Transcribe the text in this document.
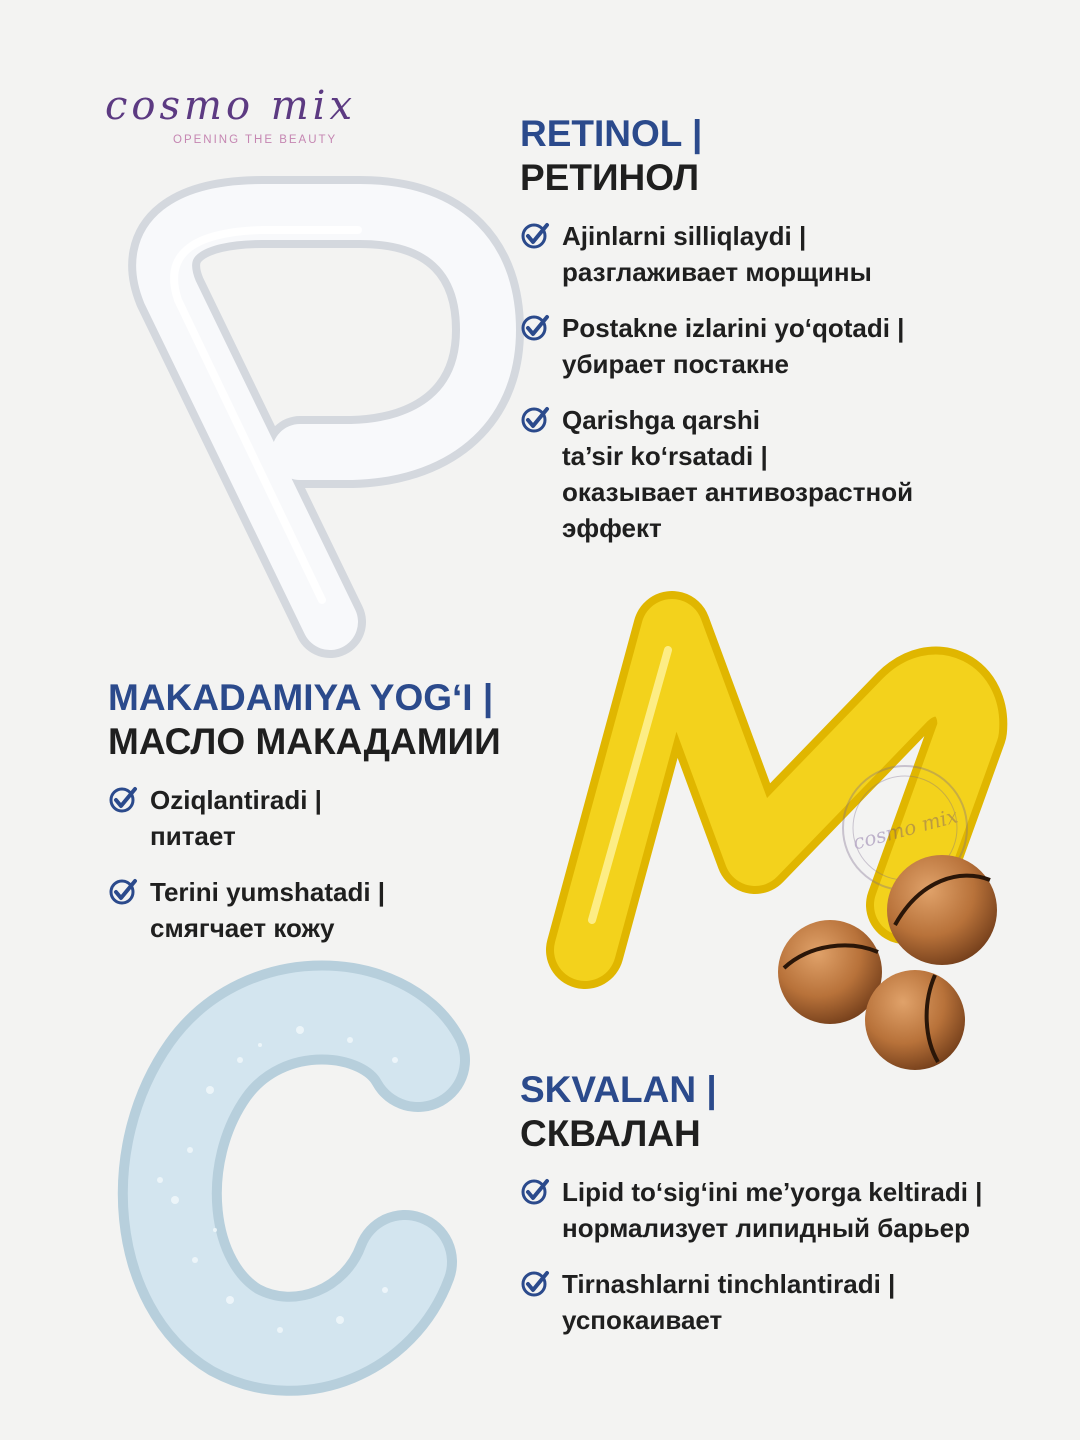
cosmo mix
cosmo mix
OPENING THE BEAUTY	RETINOL |
РЕТИНОЛ
Ajinlarni silliqlaydi |
разглаживает морщины
Postakne izlarini yo‘qotadi |
убирает постакне
Qarishga qarshi
ta’sir ko‘rsatadi |
оказывает антивозрастной
эффект
MAKADAMIYA YOG‘I |
МАСЛО МАКАДАМИИ
Oziqlantiradi |
питает
Terini yumshatadi |
смягчает кожу
SKVALAN |
СКВАЛАН
Lipid to‘sig‘ini me’yorga keltiradi |
нормализует липидный барьер
Tirnashlarni tinchlantiradi |
успокаивает
